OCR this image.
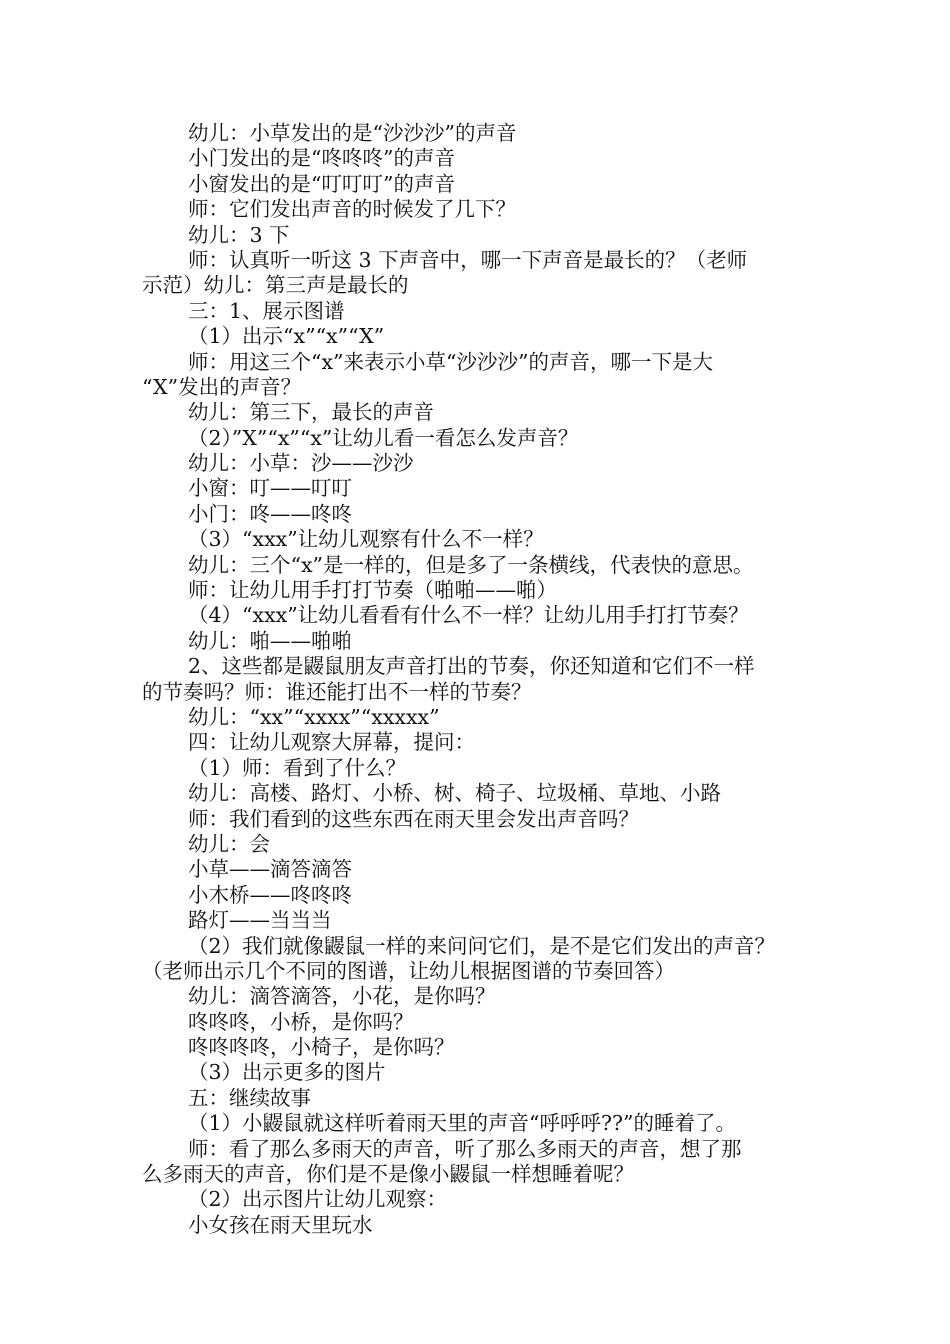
幼儿：小草发出的是“沙沙沙”的声音
小门发出的是“咚咚咚”的声音
小窗发出的是“叮叮叮”的声音
师：它们发出声音的时候发了几下？
幼儿：3 下
师：认真听一听这 3 下声音中，哪一下声音是最长的？（老师
示范）幼儿：第三声是最长的
三：1、展示图谱
（1）出示“x”“x”“X”
师：用这三个“x”来表示小草“沙沙沙”的声音，哪一下是大
“X”发出的声音？
幼儿：第三下，最长的声音
（2）”X”“x”“x”让幼儿看一看怎么发声音？
幼儿：小草：沙——沙沙
小窗：叮——叮叮
小门：咚——咚咚
（3）“xxx”让幼儿观察有什么不一样？
幼儿：三个“x”是一样的，但是多了一条横线，代表快的意思。
师：让幼儿用手打打节奏（啪啪——啪）
（4）“xxx”让幼儿看看有什么不一样？让幼儿用手打打节奏？
幼儿：啪——啪啪
2、这些都是鼹鼠朋友声音打出的节奏，你还知道和它们不一样
的节奏吗？师：谁还能打出不一样的节奏？
幼儿：“xx”“xxxx”“xxxxx”
四：让幼儿观察大屏幕，提问：
（1）师：看到了什么？
幼儿：高楼、路灯、小桥、树、椅子、垃圾桶、草地、小路
师：我们看到的这些东西在雨天里会发出声音吗？
幼儿：会
小草——滴答滴答
小木桥——咚咚咚
路灯——当当当
（2）我们就像鼹鼠一样的来问问它们，是不是它们发出的声音？
（老师出示几个不同的图谱，让幼儿根据图谱的节奏回答）
幼儿：滴答滴答，小花，是你吗？
咚咚咚，小桥，是你吗？
咚咚咚咚，小椅子，是你吗？
（3）出示更多的图片
五：继续故事
（1）小鼹鼠就这样听着雨天里的声音“呼呼呼??”的睡着了。
师：看了那么多雨天的声音，听了那么多雨天的声音，想了那
么多雨天的声音，你们是不是像小鼹鼠一样想睡着呢？
（2）出示图片让幼儿观察：
小女孩在雨天里玩水
